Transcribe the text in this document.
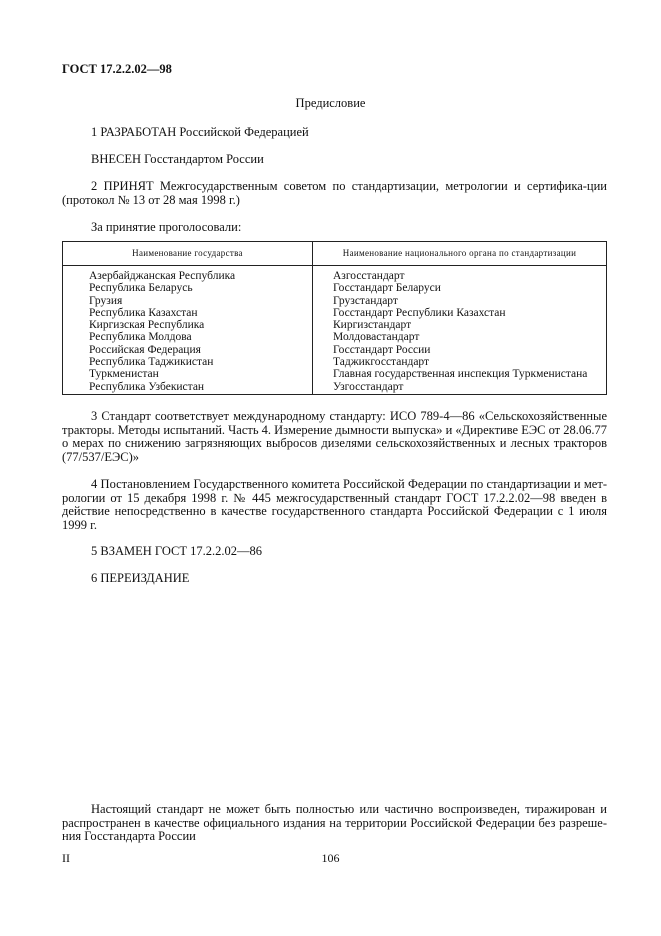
ГОСТ 17.2.2.02—98
Предисловие

1 РАЗРАБОТАН Российской Федерацией

ВНЕСЕН Госстандартом России

2 ПРИНЯТ Межгосударственным советом по стандартизации, метрологии и сертифика-ции (протокол № 13 от 28 мая 1998 г.)

За принятие проголосовали:

Наименование государства	Наименование национального органа по стандартизации
Азербайджанская Республика
Республика Беларусь
Грузия
Республика Казахстан
Киргизская Республика
Республика Молдова
Российская Федерация
Республика Таджикистан
Туркменистан
Республика Узбекистан
Азгосстандарт
Госстандарт Беларуси
Грузстандарт
Госстандарт Республики Казахстан
Киргизстандарт
Молдовастандарт
Госстандарт России
Таджикгосстандарт
Главная государственная инспекция Туркменистана
Узгосстандарт

3 Стандарт соответствует международному стандарту: ИСО 789-4—86 «Сельскохозяйственные тракторы. Методы испытаний. Часть 4. Измерение дымности выпуска» и «Директиве ЕЭС от 28.06.77 о мерах по снижению загрязняющих выбросов дизелями сельскохозяйственных и лесных тракторов (77/537/ЕЭС)»

4 Постановлением Государственного комитета Российской Федерации по стандартизации и мет-рологии от 15 декабря 1998 г. № 445 межгосударственный стандарт ГОСТ 17.2.2.02—98 введен в действие непосредственно в качестве государственного стандарта Российской Федерации с 1 июля 1999 г.

5 ВЗАМЕН ГОСТ 17.2.2.02—86

6 ПЕРЕИЗДАНИЕ

Настоящий стандарт не может быть полностью или частично воспроизведен, тиражирован и распространен в качестве официального издания на территории Российской Федерации без разреше-ния Госстандарта России

II	106
